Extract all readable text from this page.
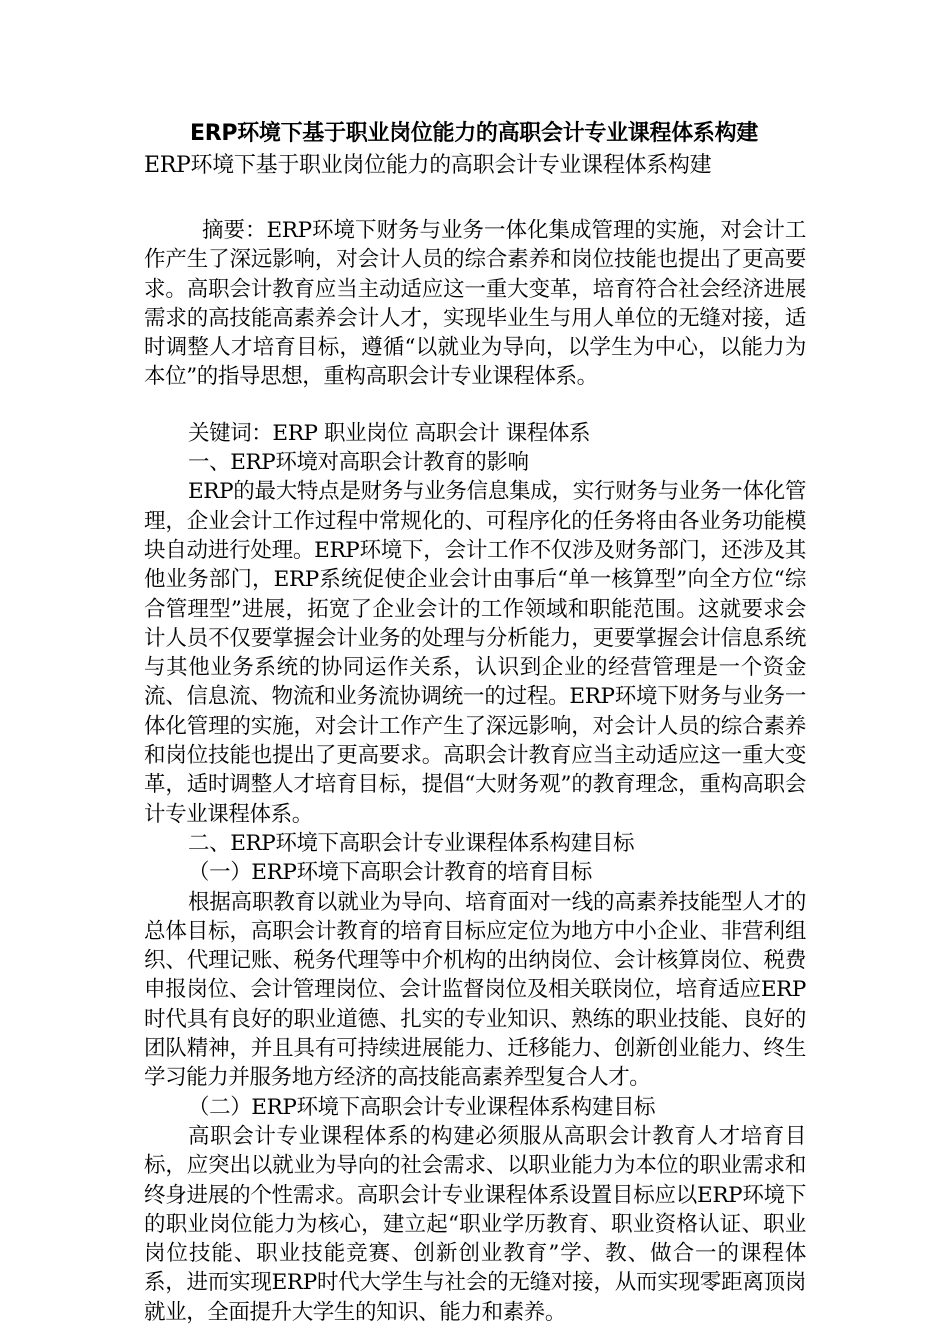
ERP环境下基于职业岗位能力的高职会计专业课程体系构建
ERP环境下基于职业岗位能力的高职会计专业课程体系构建

摘要：ERP环境下财务与业务一体化集成管理的实施，对会计工作产生了深远影响，对会计人员的综合素养和岗位技能也提出了更高要求。高职会计教育应当主动适应这一重大变革，培育符合社会经济进展需求的高技能高素养会计人才，实现毕业生与用人单位的无缝对接，适时调整人才培育目标，遵循“以就业为导向，以学生为中心，以能力为本位”的指导思想，重构高职会计专业课程体系。

关键词：ERP 职业岗位 高职会计 课程体系

一、ERP环境对高职会计教育的影响

ERP的最大特点是财务与业务信息集成，实行财务与业务一体化管理，企业会计工作过程中常规化的、可程序化的任务将由各业务功能模块自动进行处理。ERP环境下，会计工作不仅涉及财务部门，还涉及其他业务部门，ERP系统促使企业会计由事后“单一核算型”向全方位“综合管理型”进展，拓宽了企业会计的工作领域和职能范围。这就要求会计人员不仅要掌握会计业务的处理与分析能力，更要掌握会计信息系统与其他业务系统的协同运作关系，认识到企业的经营管理是一个资金流、信息流、物流和业务流协调统一的过程。ERP环境下财务与业务一体化管理的实施，对会计工作产生了深远影响，对会计人员的综合素养和岗位技能也提出了更高要求。高职会计教育应当主动适应这一重大变革，适时调整人才培育目标，提倡“大财务观”的教育理念，重构高职会计专业课程体系。

二、ERP环境下高职会计专业课程体系构建目标

（一）ERP环境下高职会计教育的培育目标

根据高职教育以就业为导向、培育面对一线的高素养技能型人才的总体目标，高职会计教育的培育目标应定位为地方中小企业、非营利组织、代理记账、税务代理等中介机构的出纳岗位、会计核算岗位、税费申报岗位、会计管理岗位、会计监督岗位及相关联岗位，培育适应ERP时代具有良好的职业道德、扎实的专业知识、熟练的职业技能、良好的团队精神，并且具有可持续进展能力、迁移能力、创新创业能力、终生学习能力并服务地方经济的高技能高素养型复合人才。

（二）ERP环境下高职会计专业课程体系构建目标

高职会计专业课程体系的构建必须服从高职会计教育人才培育目标，应突出以就业为导向的社会需求、以职业能力为本位的职业需求和终身进展的个性需求。高职会计专业课程体系设置目标应以ERP环境下的职业岗位能力为核心，建立起“职业学历教育、职业资格认证、职业岗位技能、职业技能竞赛、创新创业教育”学、教、做合一的课程体系，进而实现ERP时代大学生与社会的无缝对接，从而实现零距离顶岗就业，全面提升大学生的知识、能力和素养。
